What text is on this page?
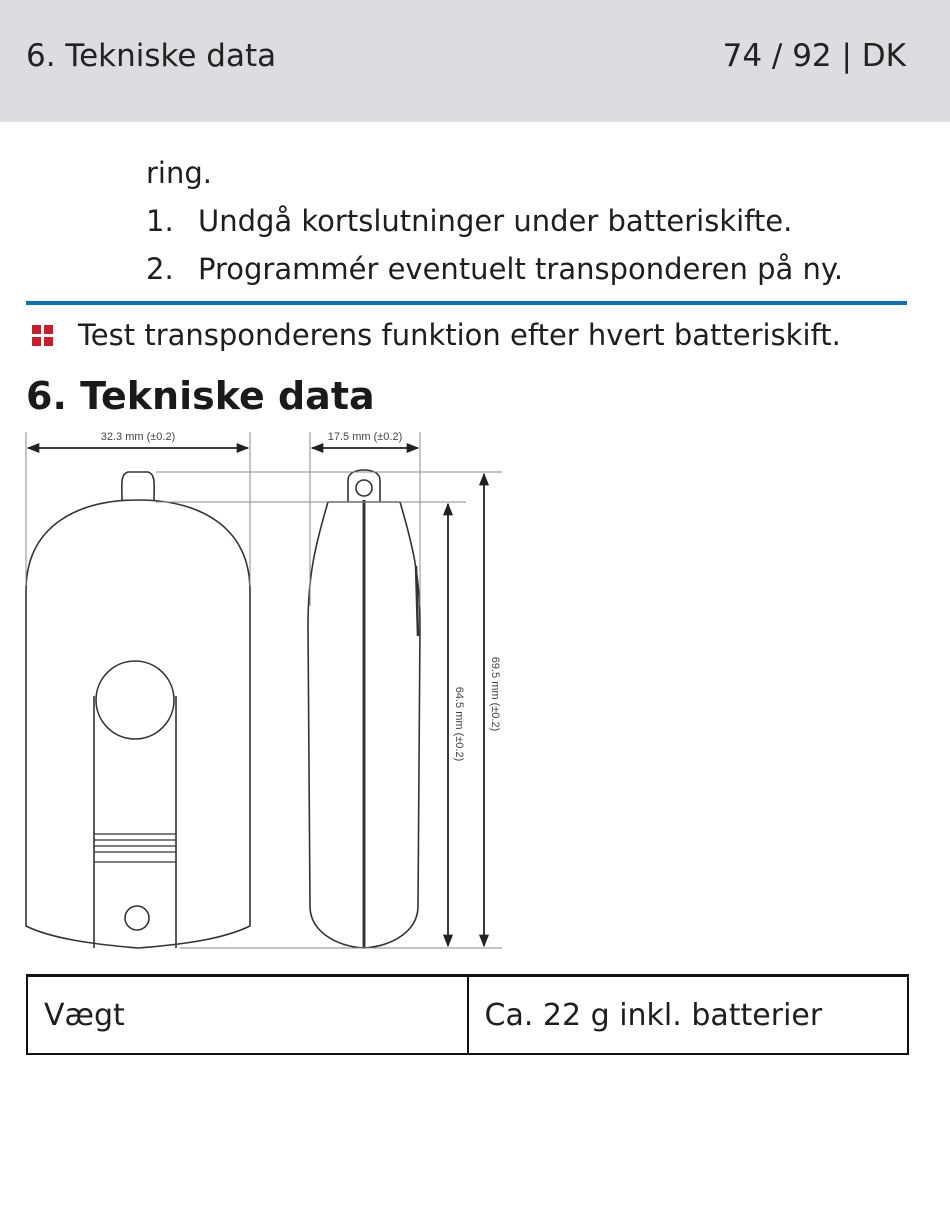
6. Tekniske data	74 / 92 | DK
ring.
1. Undgå kortslutninger under batteriskifte.
2. Programmér eventuelt transponderen på ny.
Test transponderens funktion efter hvert batteriskift.
6. Tekniske data
32.3 mm (±0.2)	17.5 mm (±0.2)
64.5 mm (±0.2) 69.5 mm (±0.2)
Vægt	Ca. 22 g inkl. batterier
